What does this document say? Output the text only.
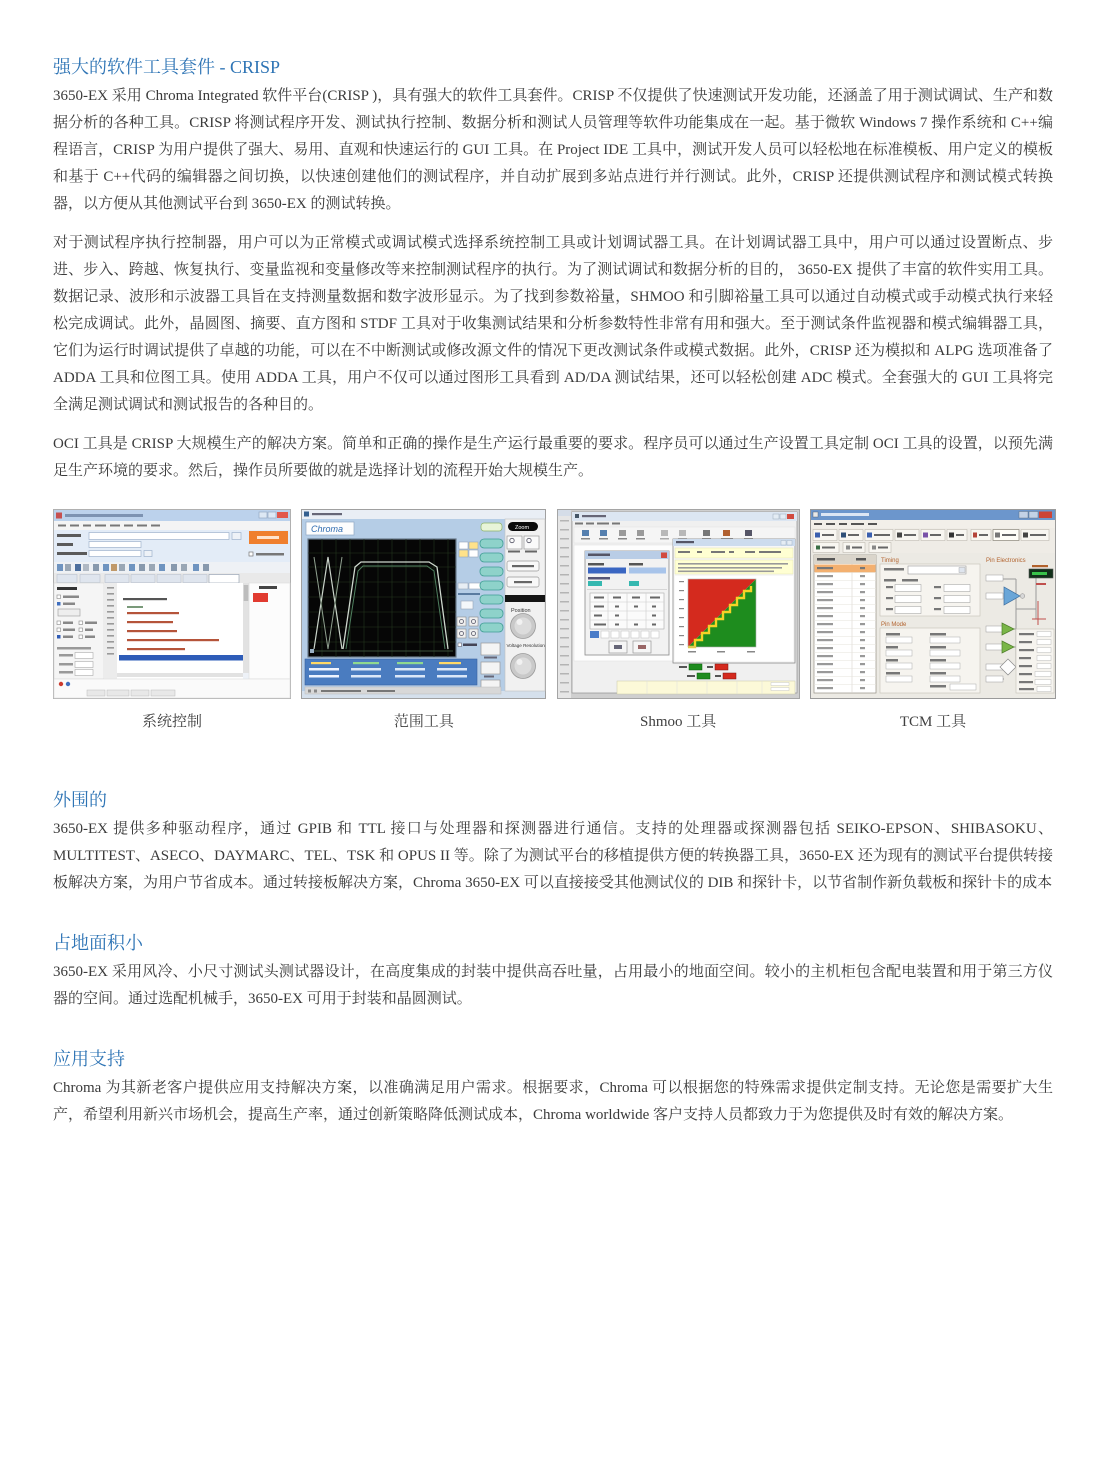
强大的软件工具套件 - CRISP

3650-EX 采用 Chroma Integrated 软件平台(CRISP )，具有强大的软件工具套件。CRISP 不仅提供了快速测试开发功能，还涵盖了用于测试调试、生产和数据分析的各种工具。CRISP 将测试程序开发、测试执行控制、数据分析和测试人员管理等软件功能集成在一起。基于微软 Windows 7 操作系统和 C++编程语言，CRISP 为用户提供了强大、易用、直观和快速运行的 GUI 工具。在 Project IDE 工具中，测试开发人员可以轻松地在标准模板、用户定义的模板和基于 C++代码的编辑器之间切换，以快速创建他们的测试程序，并自动扩展到多站点进行并行测试。此外，CRISP 还提供测试程序和测试模式转换器，以方便从其他测试平台到 3650-EX 的测试转换。

对于测试程序执行控制器，用户可以为正常模式或调试模式选择系统控制工具或计划调试器工具。在计划调试器工具中，用户可以通过设置断点、步进、步入、跨越、恢复执行、变量监视和变量修改等来控制测试程序的执行。为了测试调试和数据分析的目的， 3650-EX 提供了丰富的软件实用工具。数据记录、波形和示波器工具旨在支持测量数据和数字波形显示。为了找到参数裕量，SHMOO 和引脚裕量工具可以通过自动模式或手动模式执行来轻松完成调试。此外，晶圆图、摘要、直方图和 STDF 工具对于收集测试结果和分析参数特性非常有用和强大。至于测试条件监视器和模式编辑器工具，它们为运行时调试提供了卓越的功能，可以在不中断测试或修改源文件的情况下更改测试条件或模式数据。此外，CRISP 还为模拟和 ALPG 选项准备了 ADDA 工具和位图工具。使用 ADDA 工具，用户不仅可以通过图形工具看到 AD/DA 测试结果，还可以轻松创建 ADC 模式。全套强大的 GUI 工具将完全满足测试调试和测试报告的各种目的。

OCI 工具是 CRISP 大规模生产的解决方案。简单和正确的操作是生产运行最重要的要求。程序员可以通过生产设置工具定制 OCI 工具的设置，以预先满足生产环境的要求。然后，操作员所要做的就是选择计划的流程开始大规模生产。

系统控制
Chroma	Zoom
Position
Voltage Resolution
范围工具	Shmoo 工具
Timing
Pin Mode
Pin Electronics
TCM 工具
外围的

3650-EX 提供多种驱动程序，通过 GPIB 和 TTL 接口与处理器和探测器进行通信。支持的处理器或探测器包括 SEIKO-EPSON、SHIBASOKU、MULTITEST、ASECO、DAYMARC、TEL、TSK 和 OPUS II 等。除了为测试平台的移植提供方便的转换器工具，3650-EX 还为现有的测试平台提供转接板解决方案，为用户节省成本。通过转接板解决方案，Chroma 3650-EX 可以直接接受其他测试仪的 DIB 和探针卡，以节省制作新负载板和探针卡的成本

占地面积小

3650-EX 采用风冷、小尺寸测试头测试器设计，在高度集成的封装中提供高吞吐量，占用最小的地面空间。较小的主机柜包含配电装置和用于第三方仪器的空间。通过选配机械手，3650-EX 可用于封装和晶圆测试。

应用支持

Chroma 为其新老客户提供应用支持解决方案，以准确满足用户需求。根据要求，Chroma 可以根据您的特殊需求提供定制支持。无论您是需要扩大生产，希望利用新兴市场机会，提高生产率，通过创新策略降低测试成本，Chroma worldwide 客户支持人员都致力于为您提供及时有效的解决方案。
